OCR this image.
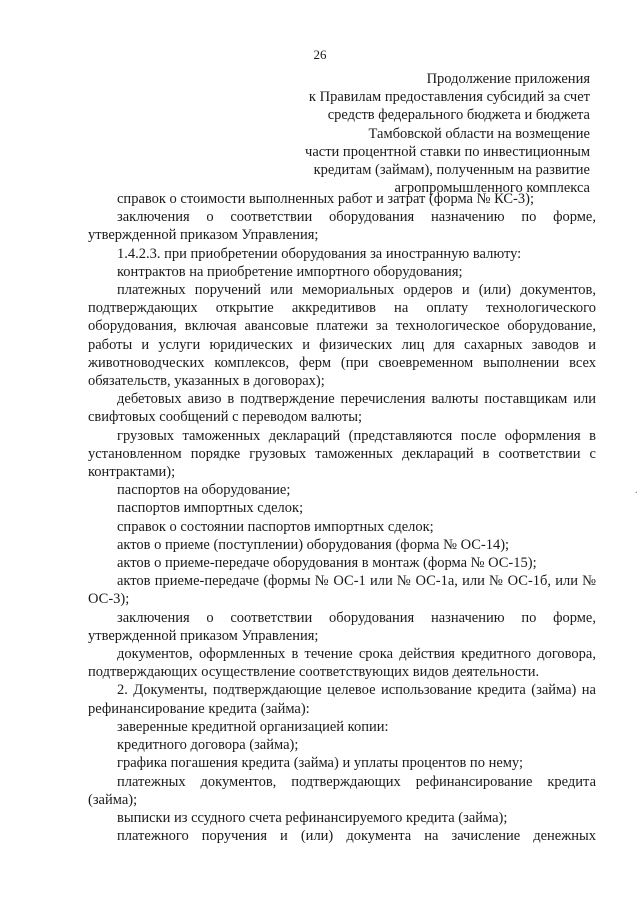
26
Продолжение приложения
к Правилам предоставления субсидий за счет
средств федерального бюджета и бюджета
Тамбовской области на возмещение
части процентной ставки по инвестиционным
кредитам (займам), полученным на развитие
агропромышленного комплекса

справок о стоимости выполненных работ и затрат (форма № КС-3);

заключения о соответствии оборудования назначению по форме, утвержденной приказом Управления;

1.4.2.3. при приобретении оборудования за иностранную валюту:

контрактов на приобретение импортного оборудования;

платежных поручений или мемориальных ордеров и (или) документов, подтверждающих открытие аккредитивов на оплату технологического оборудования, включая авансовые платежи за технологическое оборудование, работы и услуги юридических и физических лиц для сахарных заводов и животноводческих комплексов, ферм (при своевременном выполнении всех обязательств, указанных в договорах);

дебетовых авизо в подтверждение перечисления валюты поставщикам или свифтовых сообщений с переводом валюты;

грузовых таможенных деклараций (представляются после оформления в установленном порядке грузовых таможенных деклараций в соответствии с контрактами);

паспортов на оборудование;

паспортов импортных сделок;

справок о состоянии паспортов импортных сделок;

актов о приеме (поступлении) оборудования (форма № ОС-14);

актов о приеме-передаче оборудования в монтаж (форма № ОС-15);

актов приеме-передаче (формы № ОС-1 или № ОС-1а, или № ОС-1б, или № ОС-3);

заключения о соответствии оборудования назначению по форме, утвержденной приказом Управления;

документов, оформленных в течение срока действия кредитного договора, подтверждающих осуществление соответствующих видов деятельности.

2. Документы, подтверждающие целевое использование кредита (займа) на рефинансирование кредита (займа):

заверенные кредитной организацией копии:

кредитного договора (займа);

графика погашения кредита (займа) и уплаты процентов по нему;

платежных документов, подтверждающих рефинансирование кредита (займа);

выписки из ссудного счета рефинансируемого кредита (займа);

платежного поручения и (или) документа на зачисление денежных

·
